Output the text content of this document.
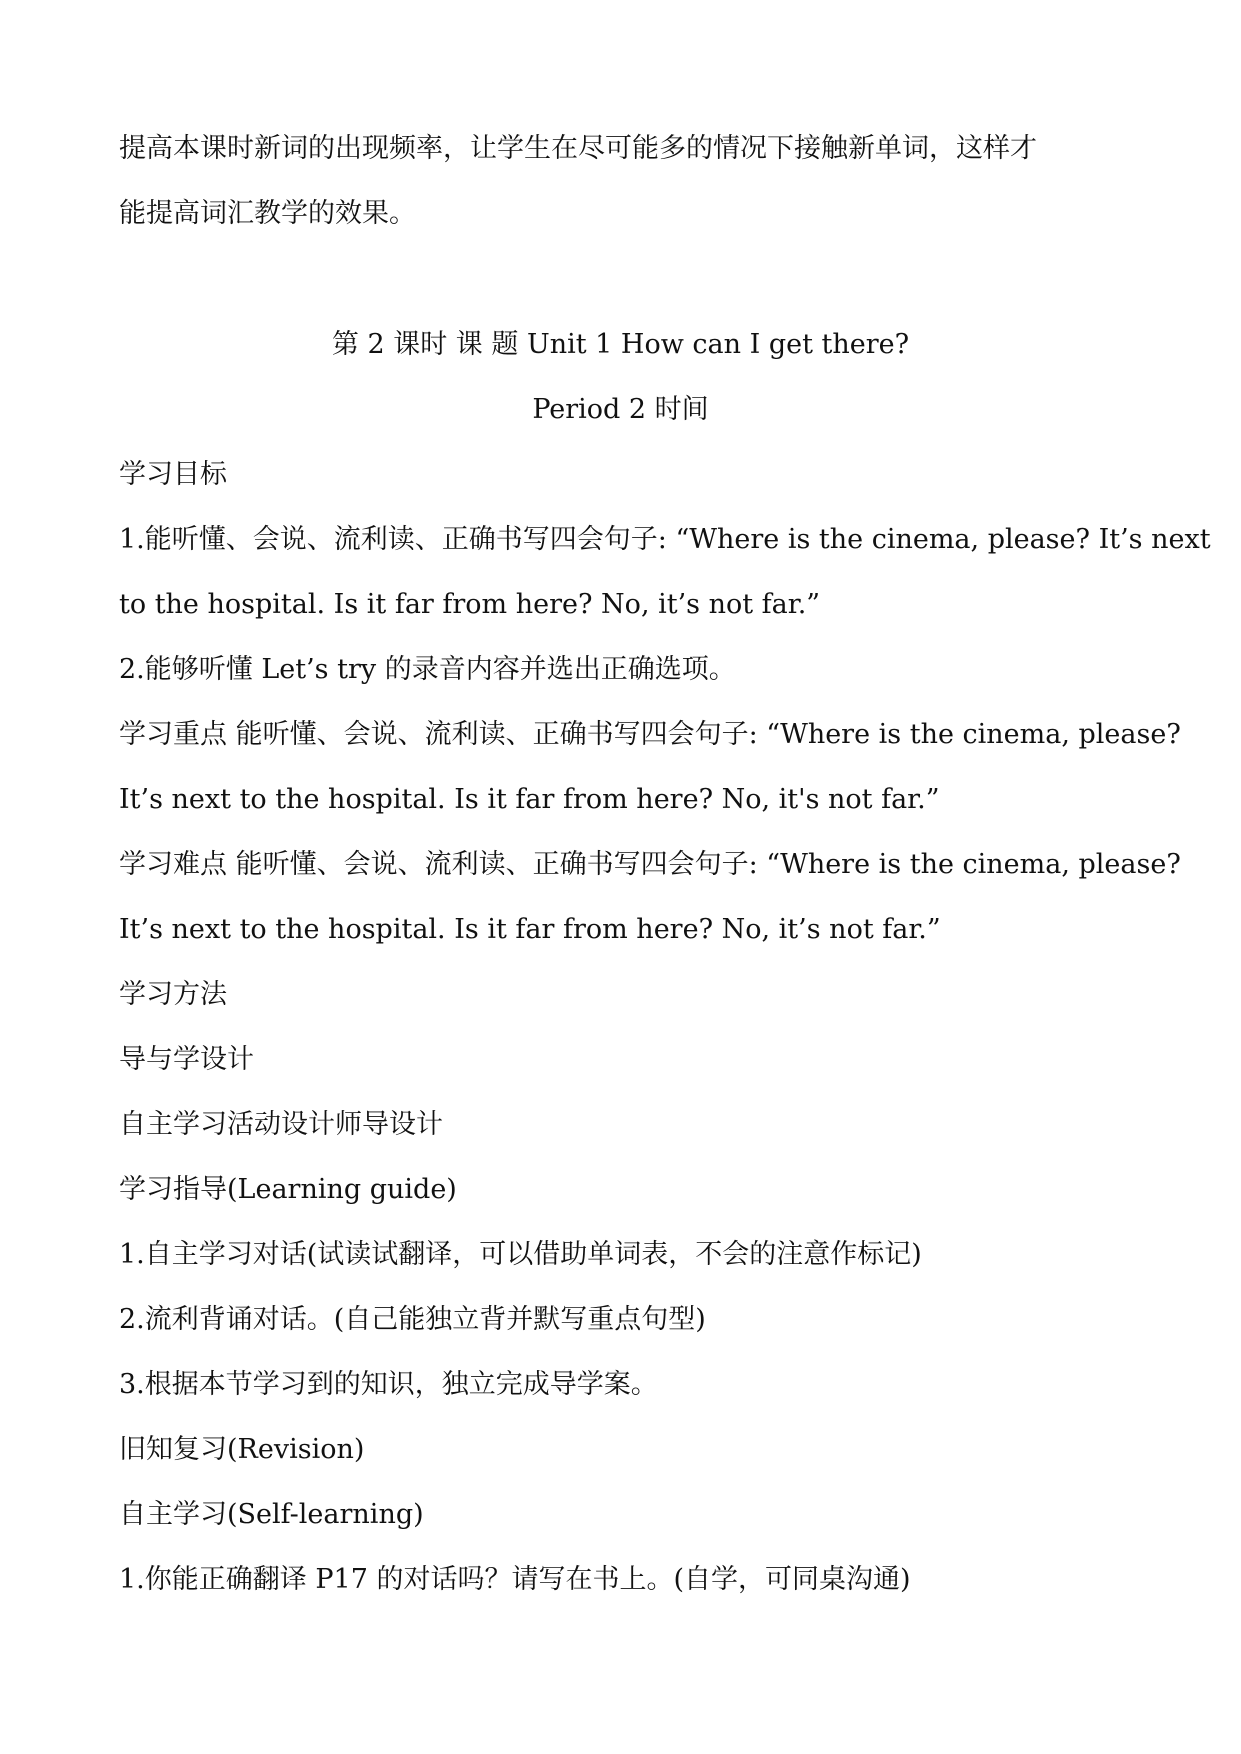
提高本课时新词的出现频率，让学生在尽可能多的情况下接触新单词，这样才
能提高词汇教学的效果。
第 2 课时 课 题 Unit 1 How can I get there?
Period 2 时间
学习目标
1.能听懂、会说、流利读、正确书写四会句子: “Where is the cinema, please? It’s next
to the hospital. Is it far from here? No, it’s not far.”
2.能够听懂 Let’s try 的录音内容并选出正确选项。
学习重点 能听懂、会说、流利读、正确书写四会句子: “Where is the cinema, please?
It’s next to the hospital. Is it far from here? No, it's not far.”
学习难点 能听懂、会说、流利读、正确书写四会句子: “Where is the cinema, please?
It’s next to the hospital. Is it far from here? No, it’s not far.”
学习方法
导与学设计
自主学习活动设计师导设计
学习指导(Learning guide)
1.自主学习对话(试读试翻译，可以借助单词表，不会的注意作标记)
2.流利背诵对话。(自己能独立背并默写重点句型)
3.根据本节学习到的知识，独立完成导学案。
旧知复习(Revision)
自主学习(Self-learning)
1.你能正确翻译 P17 的对话吗？请写在书上。(自学，可同桌沟通)
